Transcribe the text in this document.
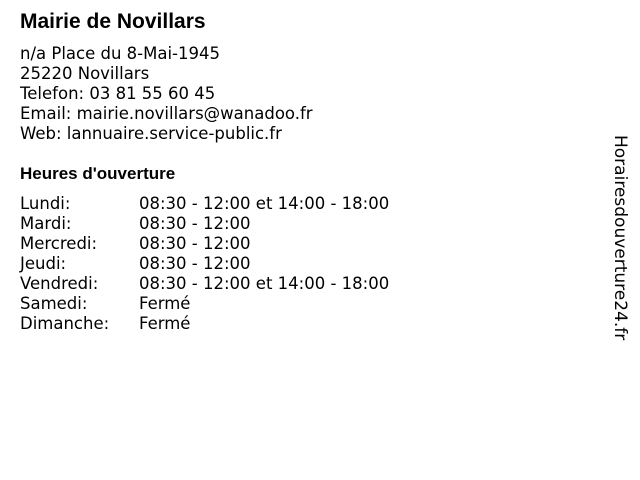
Mairie de Novillars
n/a Place du 8-Mai-1945
25220 Novillars
Telefon: 03 81 55 60 45
Email: mairie.novillars@wanadoo.fr
Web: lannuaire.service-public.fr
Heures d'ouverture
Lundi:	08:30 - 12:00 et 14:00 - 18:00
Mardi:	08:30 - 12:00
Mercredi:	08:30 - 12:00
Jeudi:	08:30 - 12:00
Vendredi:	08:30 - 12:00 et 14:00 - 18:00
Samedi:	Fermé
Dimanche:	Fermé	Horairesdouverture24.fr
